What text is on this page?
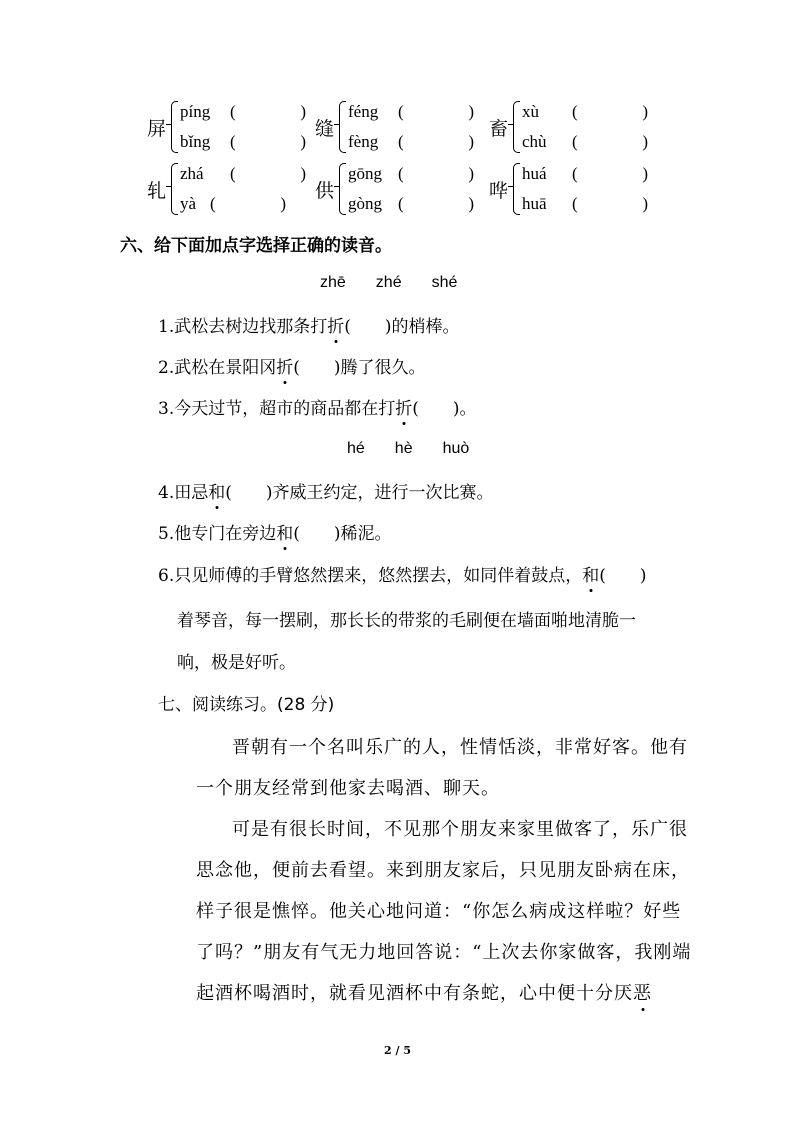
屏
píng	(	)
bǐng	(	)
缝
féng	(	)
fèng	(	)
畜
xù	(	)
chù	(	)
轧
zhá	(	)
yà (	)
供
gōng (	)
gòng (	)
哗
huá	(	)
huā	(	)
六、给下面加点字选择正确的读音。
zhē zhé shé
1.武松去树边找那条打折(　　)的梢棒。
2.武松在景阳冈折(　　)腾了很久。
3.今天过节，超市的商品都在打折(　　)。
hé hè huò
4.田忌和(　　)齐威王约定，进行一次比赛。
5.他专门在旁边和(　　)稀泥。
6.只见师傅的手臂悠然摆来，悠然摆去，如同伴着鼓点，和(　　)
着琴音，每一摆刷，那长长的带浆的毛刷便在墙面啪地清脆一
响，极是好听。
七、阅读练习。(28 分)
晋朝有一个名叫乐广的人，性情恬淡，非常好客。他有
一个朋友经常到他家去喝酒、聊天。
可是有很长时间，不见那个朋友来家里做客了，乐广很
思念他，便前去看望。来到朋友家后，只见朋友卧病在床，
样子很是憔悴。他关心地问道：“你怎么病成这样啦？好些
了吗？”朋友有气无力地回答说：“上次去你家做客，我刚端
起酒杯喝酒时，就看见酒杯中有条蛇，心中便十分厌恶
2 / 5
